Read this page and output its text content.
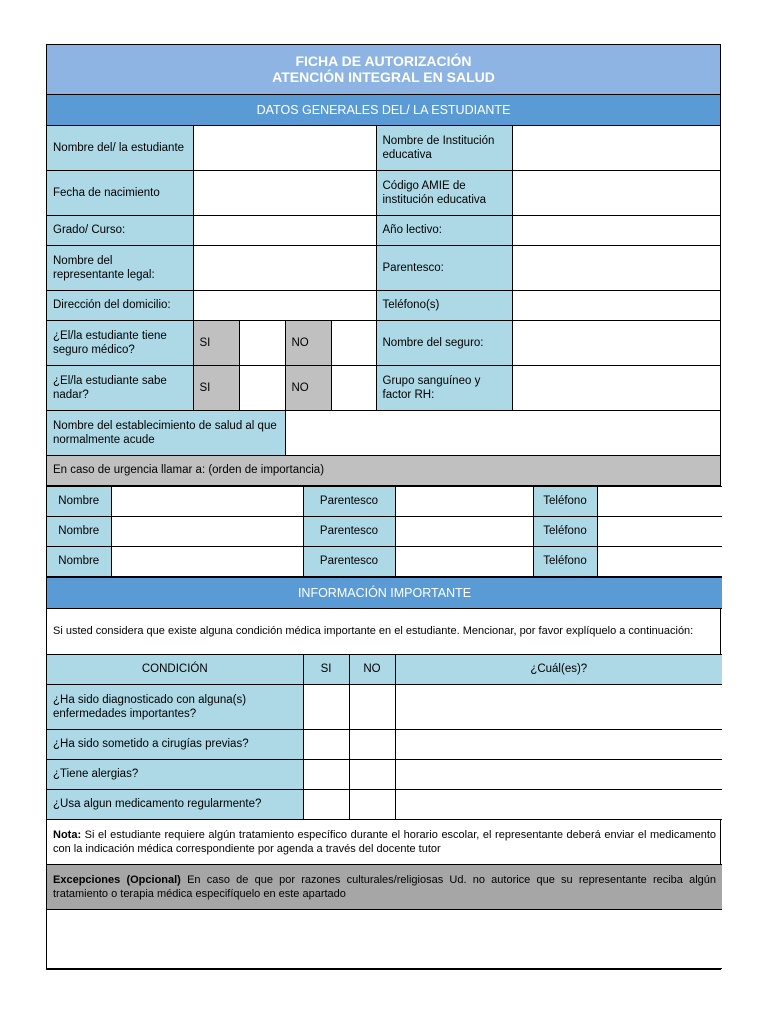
FICHA DE AUTORIZACIÓN
ATENCIÓN INTEGRAL EN SALUD						

DATOS GENERALES DEL/ LA ESTUDIANTE						
Nombre del/ la estudiante					Nombre de Institución educativa	
Fecha de nacimiento					Código AMIE de institución educativa	
Grado/ Curso:					Año lectivo:	
Nombre del representante legal:					Parentesco:	
Dirección del domicilio:					Teléfono(s)	
¿El/la estudiante tiene seguro médico?	SI		NO		Nombre del seguro:	
¿El/la estudiante sabe nadar?	SI		NO		Grupo sanguíneo y factor RH:	
Nombre del establecimiento de salud al que normalmente acude						
En caso de urgencia llamar a: (orden de importancia)						
Nombre		Parentesco		Teléfono	
Nombre		Parentesco		Teléfono	
Nombre		Parentesco		Teléfono	
INFORMACIÓN IMPORTANTE			
Si usted considera que existe alguna condición médica importante en el estudiante. Mencionar, por favor explíquelo a continuación:			
CONDICIÓN	SI	NO	¿Cuál(es)?
¿Ha sido diagnosticado con alguna(s) enfermedades importantes?			
¿Ha sido sometido a cirugías previas?			
¿Tiene alergias?			
¿Usa algun medicamento regularmente?			
Nota: Si el estudiante requiere algún tratamiento específico durante el horario escolar, el representante deberá enviar el medicamento con la indicación médica correspondiente por agenda a través del docente tutor			
Excepciones (Opcional) En caso de que por razones culturales/religiosas Ud. no autorice que su representante reciba algún tratamiento o terapia médica especifíquelo en este apartado			
